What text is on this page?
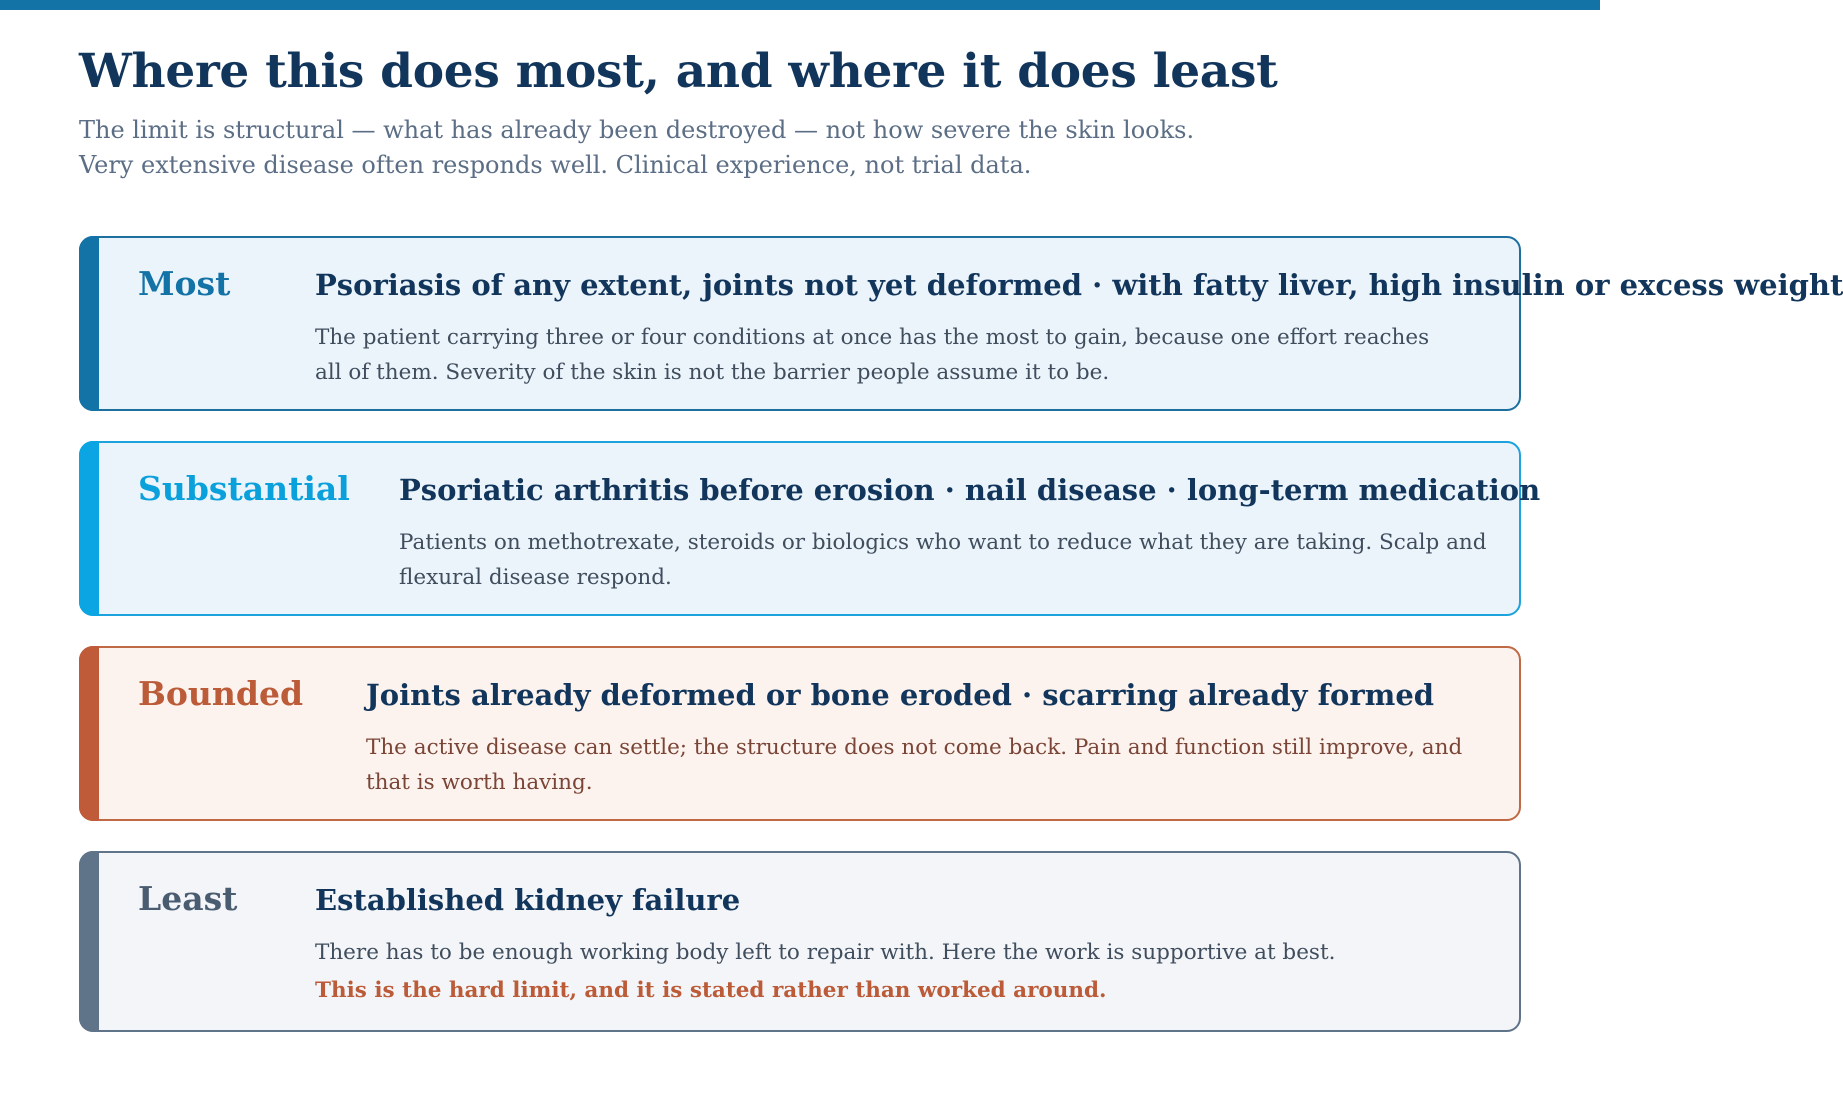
Where this does most, and where it does least
The limit is structural — what has already been destroyed — not how severe the skin looks.
Very extensive disease often responds well. Clinical experience, not trial data.
Most	Psoriasis of any extent, joints not yet deformed · with fatty liver, high insulin or excess weight
The patient carrying three or four conditions at once has the most to gain, because one effort reaches all of them. Severity of the skin is not the barrier people assume it to be.
Substantial Psoriatic arthritis before erosion · nail disease · long-term medication
Patients on methotrexate, steroids or biologics who want to reduce what they are taking. Scalp and flexural disease respond.
Bounded Joints already deformed or bone eroded · scarring already formed
The active disease can settle; the structure does not come back. Pain and function still improve, and that is worth having.
Least	Established kidney failure
There has to be enough working body left to repair with. Here the work is supportive at best.
This is the hard limit, and it is stated rather than worked around.
